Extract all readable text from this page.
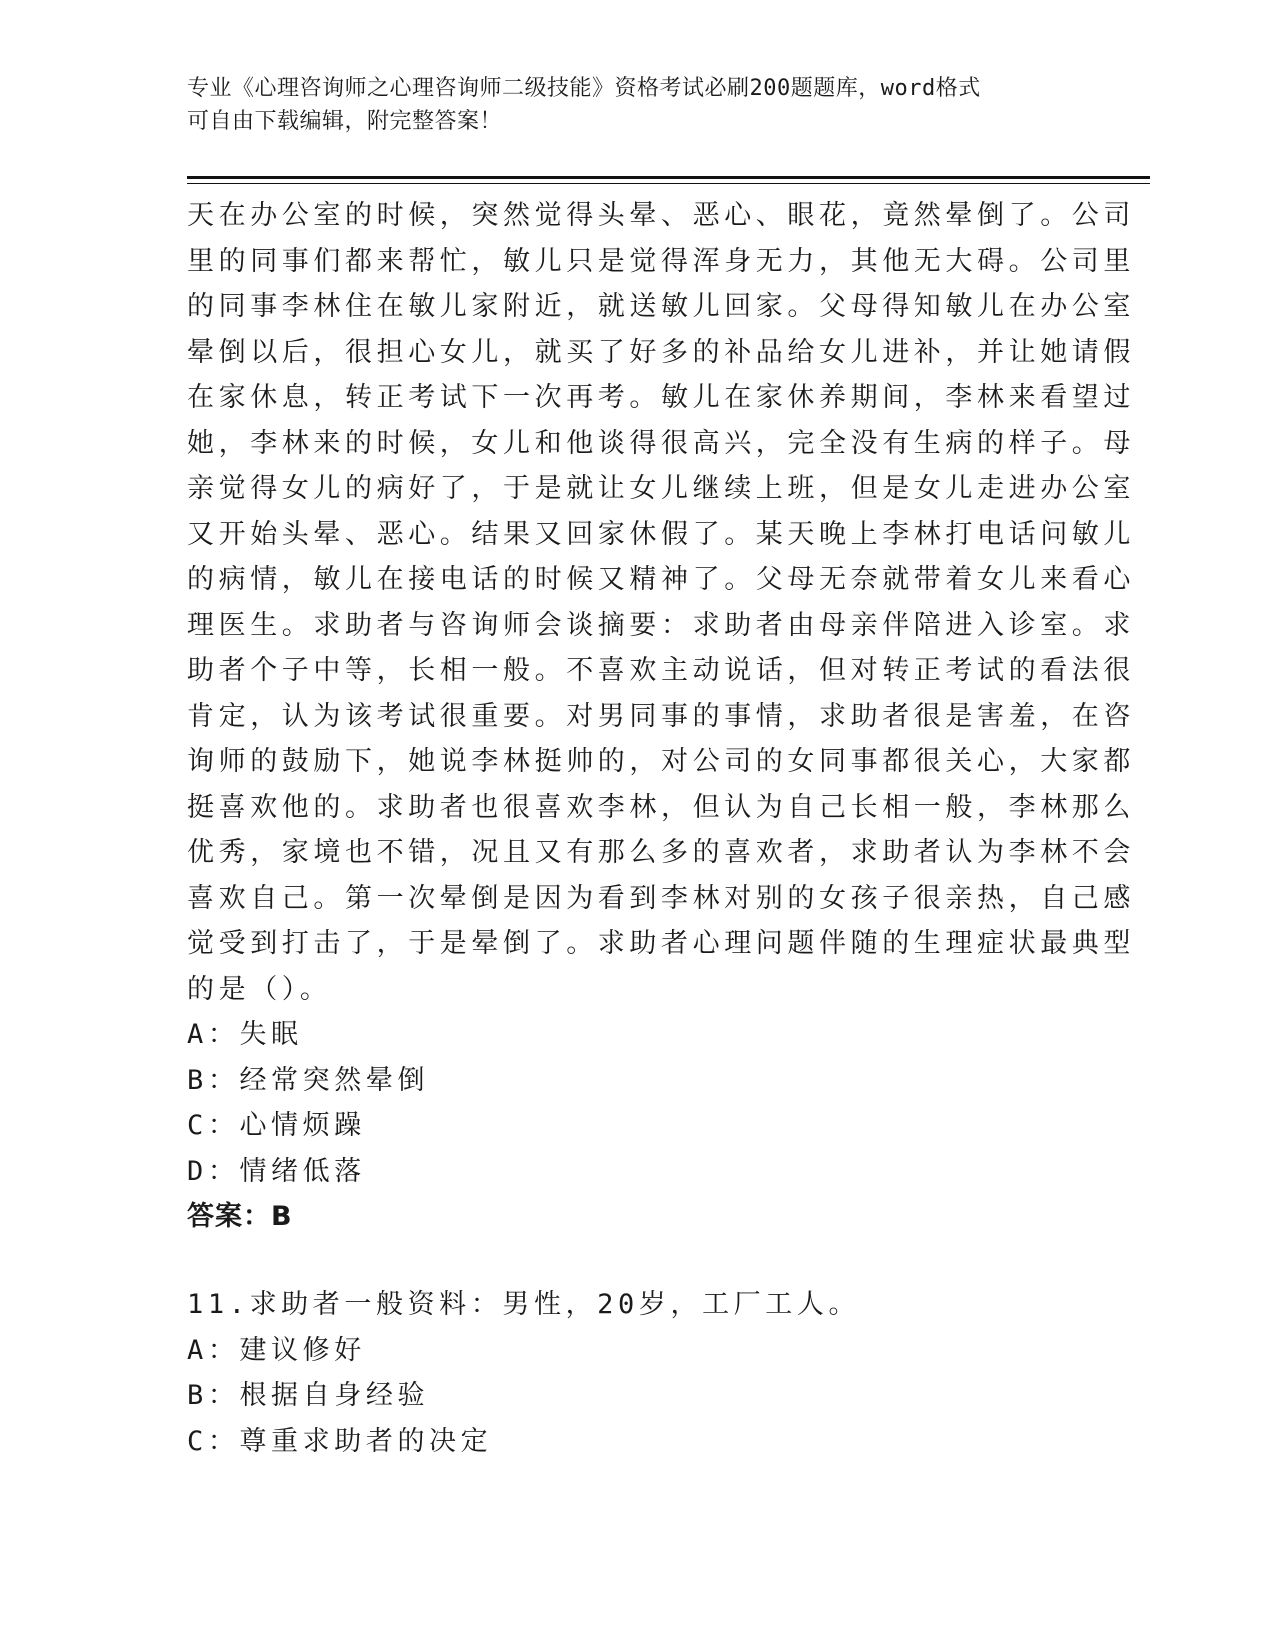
专业《心理咨询师之心理咨询师二级技能》资格考试必刷200题题库，word格式
可自由下载编辑，附完整答案！
天在办公室的时候，突然觉得头晕、恶心、眼花，竟然晕倒了。公司
里的同事们都来帮忙，敏儿只是觉得浑身无力，其他无大碍。公司里
的同事李林住在敏儿家附近，就送敏儿回家。父母得知敏儿在办公室
晕倒以后，很担心女儿，就买了好多的补品给女儿进补，并让她请假
在家休息，转正考试下一次再考。敏儿在家休养期间，李林来看望过
她，李林来的时候，女儿和他谈得很高兴，完全没有生病的样子。母
亲觉得女儿的病好了，于是就让女儿继续上班，但是女儿走进办公室
又开始头晕、恶心。结果又回家休假了。某天晚上李林打电话问敏儿
的病情，敏儿在接电话的时候又精神了。父母无奈就带着女儿来看心
理医生。求助者与咨询师会谈摘要：求助者由母亲伴陪进入诊室。求
助者个子中等，长相一般。不喜欢主动说话，但对转正考试的看法很
肯定，认为该考试很重要。对男同事的事情，求助者很是害羞，在咨
询师的鼓励下，她说李林挺帅的，对公司的女同事都很关心，大家都
挺喜欢他的。求助者也很喜欢李林，但认为自己长相一般，李林那么
优秀，家境也不错，况且又有那么多的喜欢者，求助者认为李林不会
喜欢自己。第一次晕倒是因为看到李林对别的女孩子很亲热，自己感
觉受到打击了，于是晕倒了。求助者心理问题伴随的生理症状最典型
的是（）。
A：失眠
B：经常突然晕倒
C：心情烦躁
D：情绪低落
答案：B
11.求助者一般资料：男性，20岁，工厂工人。
A：建议修好
B：根据自身经验
C：尊重求助者的决定
